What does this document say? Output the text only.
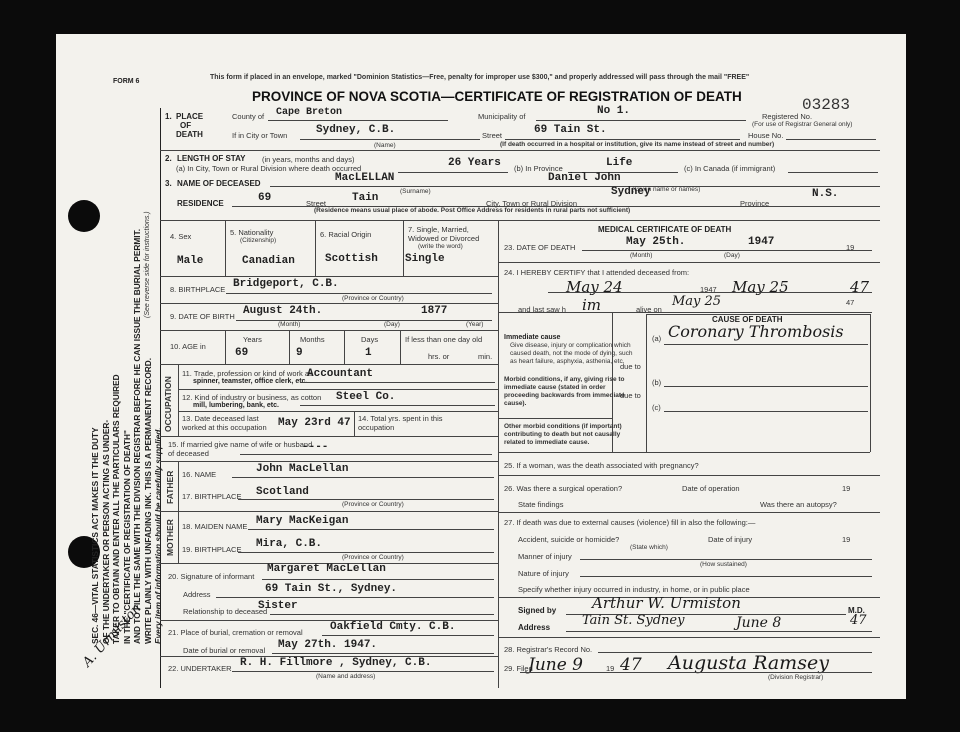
SEC. 46—VITAL STATISTICS ACT MAKES IT THE DUTY OF THE UNDERTAKER OR PERSON ACTING AS UNDER- TAKER TO OBTAIN AND ENTER ALL THE PARTICULARS REQUIRED IN THE "CERTIFICATE OF REGISTRATION OF DEATH" AND TO FILE THE SAME WITH THE DIVISION REGISTRAR BEFORE HE CAN ISSUE THE BURIAL PERMIT. WRITE PLAINLY WITH UNFADING INK. THIS IS A PERMANENT RECORD. Every item of information should be carefully supplied.
(See reverse side for instructions.)
A. Urmiston
FORM 6
This form if placed in an envelope, marked "Dominion Statistics—Free, penalty for improper use $300," and properly addressed will pass through the mail "FREE"
PROVINCE OF NOVA SCOTIA—CERTIFICATE OF REGISTRATION OF DEATH	03283
1. PLACE
OF
DEATH
County of Cape Breton	Municipality of	No 1.	Registered No.
(For use of Registrar General only)
If in City or Town	Sydney, C.B.	Street	69 Tain St.	House No.
(Name)	(If death occurred in a hospital or institution, give its name instead of street and number)
2. LENGTH OF STAY (in years, months and days)
(a) In City, Town or Rural Division where death occurred	26 Years (b) In Province	Life	(c) In Canada (if immigrant)
3. NAME OF DECEASED	MacLELLAN	Daniel John
(Surname)	(Given name or names)
RESIDENCE	69	Street Tain	City, Town or Rural Division
Sydney
Province
N.S.
(Residence means usual place of abode. Post Office Address for residents in rural parts not sufficient)
4. Sex	5. Nationality
(Citizenship)
6. Racial Origin
7. Single, Married, Widowed or Divorced
(write the word)
Male	Canadian	Scottish Single
8. BIRTHPLACE Bridgeport, C.B.
(Province or Country)
9. DATE OF BIRTH August 24th.	1877
(Month)	(Day)	(Year)
10. AGE in
Years	Months	Days	If less than one day old
69	9	1	hrs. or	min.
OCCUPATION
11. Trade, profession or kind of work as
spinner, teamster, office clerk, etc.
Accountant
12. Kind of industry or business, as cotton
mill, lumbering, bank, etc.
Steel Co.
13. Date deceased last worked at this occupation	May 23rd 47 14. Total yrs. spent in this occupation
15. If married give name of wife or husband of deceased
----
FATHER 16. NAME	John MacLellan
17. BIRTHPLACE Scotland
(Province or Country)
MOTHER 18. MAIDEN NAME Mary MacKeigan
19. BIRTHPLACE Mira, C.B.
(Province or Country)
20. Signature of informant
Margaret MacLellan
Address	69 Tain St., Sydney.
Relationship to deceased
Sister
21. Place of burial, cremation or removal Oakfield Cmty. C.B.
Date of burial or removal May 27th. 1947.
22. UNDERTAKER R. H. Fillmore , Sydney, C.B.
(Name and address)
MEDICAL CERTIFICATE OF DEATH
23. DATE OF DEATH	May 25th.	1947	19
(Month)	(Day)
24. I HEREBY CERTIFY that I attended deceased from:
May 24	1947 May 25	47
and last saw h im	alive on
May 25	47
CAUSE OF DEATH
Immediate cause
Give disease, injury or complication which caused death, not the mode of dying, such as heart failure, asphyxia, asthenia, etc.
(a) Coronary Thrombosis
due to
Morbid conditions, if any, giving rise to immediate cause (stated in order proceeding backwards from immediate cause).
(b)
due to
(c)
Other morbid conditions (if important) contributing to death but not causally related to immediate cause.
25. If a woman, was the death associated with pregnancy?
26. Was there a surgical operation?	Date of operation	19
State findings	Was there an autopsy?
27. If death was due to external causes (violence) fill in also the following:—
Accident, suicide or homicide?	Date of injury	19
(State which)
Manner of injury
(How sustained)
Nature of injury
Specify whether injury occurred in industry, in home, or in public place
Signed by Arthur W. Urmiston	M.D.
Address Tain St. Sydney	June 8	47
28. Registrar's Record No.
29. Filed
June 9	19 47 Augusta Ramsey
(Division Registrar)
